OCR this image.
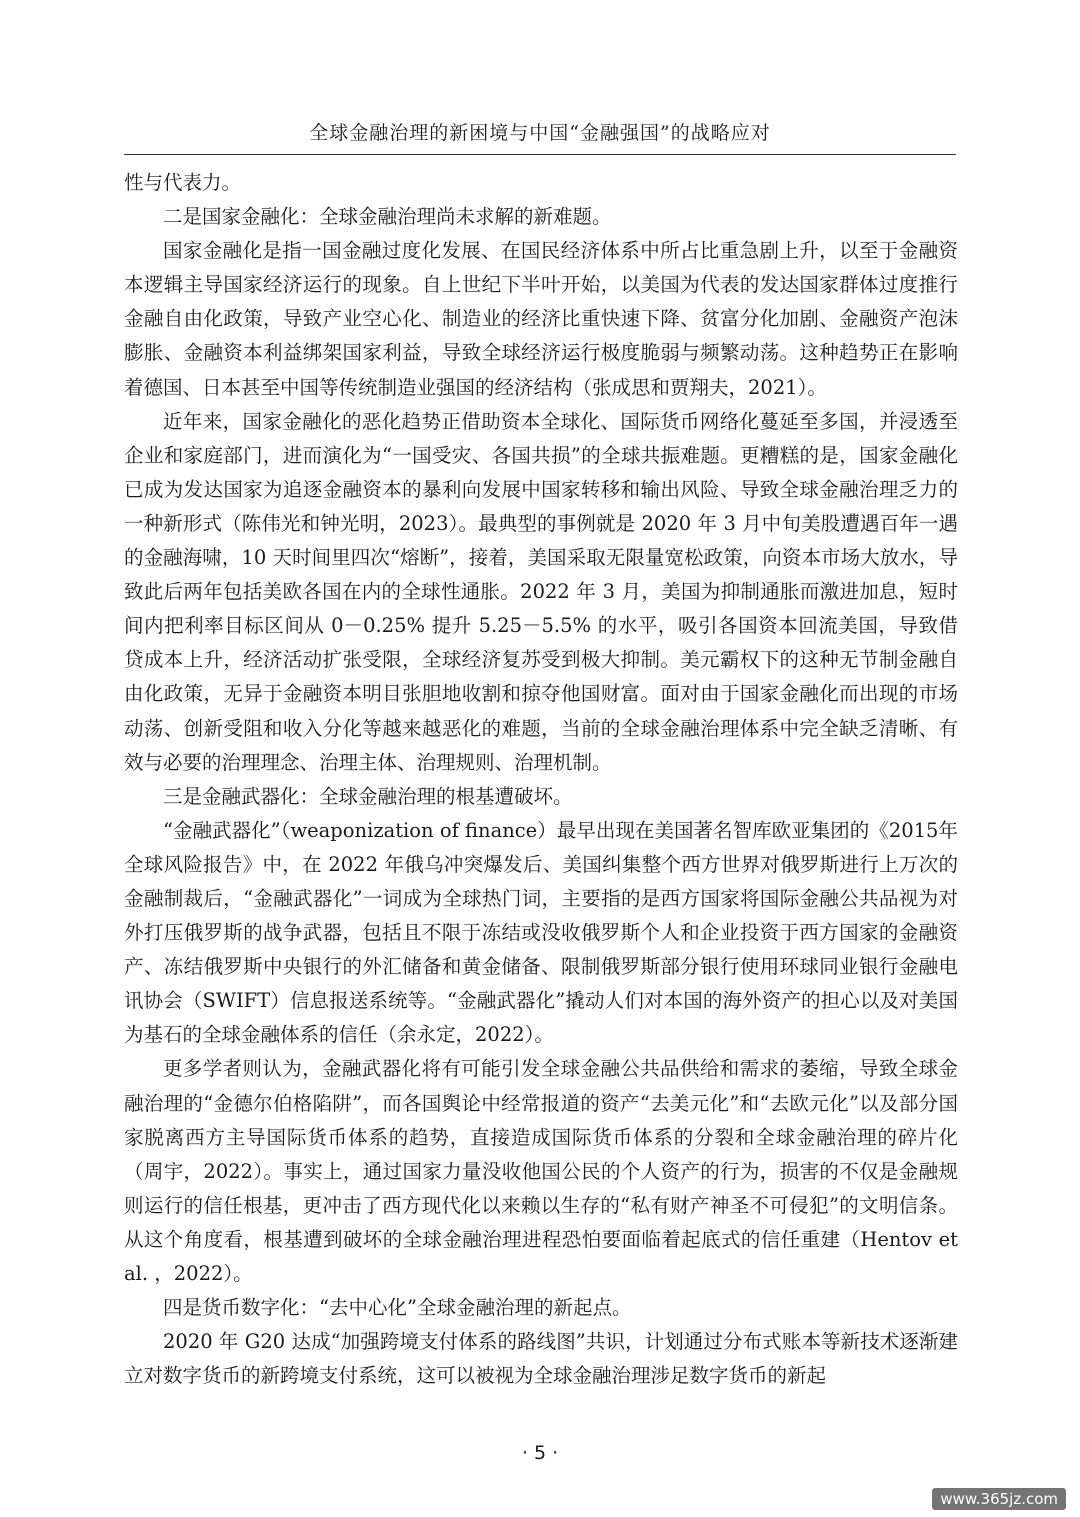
全球金融治理的新困境与中国“金融强国”的战略应对

性与代表力。

二是国家金融化：全球金融治理尚未求解的新难题。

国家金融化是指一国金融过度化发展、在国民经济体系中所占比重急剧上升，以至于金融资本逻辑主导国家经济运行的现象。自上世纪下半叶开始，以美国为代表的发达国家群体过度推行金融自由化政策，导致产业空心化、制造业的经济比重快速下降、贫富分化加剧、金融资产泡沫膨胀、金融资本利益绑架国家利益，导致全球经济运行极度脆弱与频繁动荡。这种趋势正在影响着德国、日本甚至中国等传统制造业强国的经济结构（张成思和贾翔夫，2021）。

近年来，国家金融化的恶化趋势正借助资本全球化、国际货币网络化蔓延至多国，并浸透至企业和家庭部门，进而演化为“一国受灾、各国共损”的全球共振难题。更糟糕的是，国家金融化已成为发达国家为追逐金融资本的暴利向发展中国家转移和输出风险、导致全球金融治理乏力的一种新形式（陈伟光和钟光明，2023）。最典型的事例就是 2020 年 3 月中旬美股遭遇百年一遇的金融海啸，10 天时间里四次“熔断”，接着，美国采取无限量宽松政策，向资本市场大放水，导致此后两年包括美欧各国在内的全球性通胀。2022 年 3 月，美国为抑制通胀而激进加息，短时间内把利率目标区间从 0－0.25% 提升 5.25－5.5% 的水平，吸引各国资本回流美国，导致借贷成本上升，经济活动扩张受限，全球经济复苏受到极大抑制。美元霸权下的这种无节制金融自由化政策，无异于金融资本明目张胆地收割和掠夺他国财富。面对由于国家金融化而出现的市场动荡、创新受阻和收入分化等越来越恶化的难题，当前的全球金融治理体系中完全缺乏清晰、有效与必要的治理理念、治理主体、治理规则、治理机制。

三是金融武器化：全球金融治理的根基遭破坏。

“金融武器化”（weaponization of finance）最早出现在美国著名智库欧亚集团的《2015年全球风险报告》中，在 2022 年俄乌冲突爆发后、美国纠集整个西方世界对俄罗斯进行上万次的金融制裁后，“金融武器化”一词成为全球热门词，主要指的是西方国家将国际金融公共品视为对外打压俄罗斯的战争武器，包括且不限于冻结或没收俄罗斯个人和企业投资于西方国家的金融资产、冻结俄罗斯中央银行的外汇储备和黄金储备、限制俄罗斯部分银行使用环球同业银行金融电讯协会（SWIFT）信息报送系统等。“金融武器化”撬动人们对本国的海外资产的担心以及对美国为基石的全球金融体系的信任（余永定，2022）。

更多学者则认为，金融武器化将有可能引发全球金融公共品供给和需求的萎缩，导致全球金融治理的“金德尔伯格陷阱”，而各国舆论中经常报道的资产“去美元化”和“去欧元化”以及部分国家脱离西方主导国际货币体系的趋势，直接造成国际货币体系的分裂和全球金融治理的碎片化（周宇，2022）。事实上，通过国家力量没收他国公民的个人资产的行为，损害的不仅是金融规则运行的信任根基，更冲击了西方现代化以来赖以生存的“私有财产神圣不可侵犯”的文明信条。从这个角度看，根基遭到破坏的全球金融治理进程恐怕要面临着起底式的信任重建（Hentov et al. ，2022）。

四是货币数字化：“去中心化”全球金融治理的新起点。

2020 年 G20 达成“加强跨境支付体系的路线图”共识，计划通过分布式账本等新技术逐渐建立对数字货币的新跨境支付系统，这可以被视为全球金融治理涉足数字货币的新起

· 5 ·
www.365jz.com
